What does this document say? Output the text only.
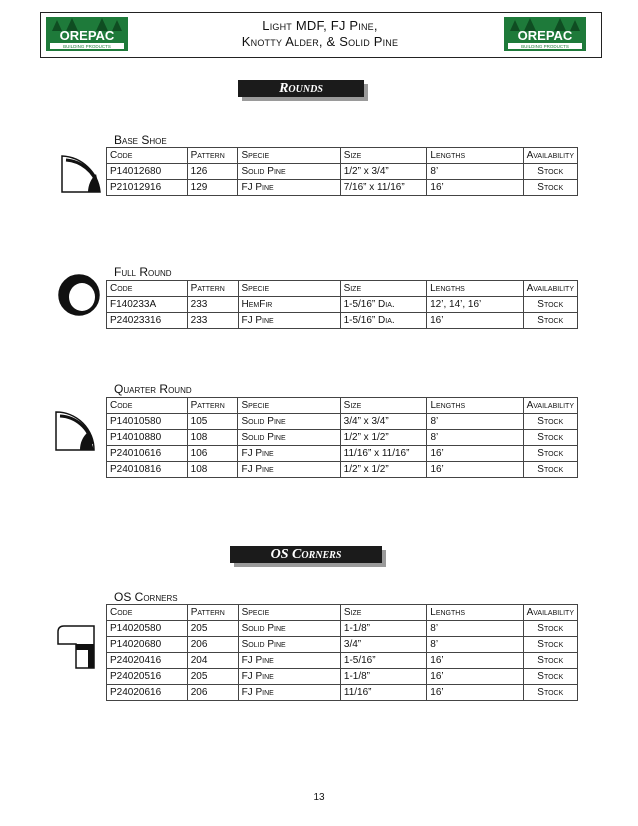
OREPAC
BUILDING PRODUCTS
Light MDF, FJ Pine,
Knotty Alder, & Solid Pine	OREPAC
BUILDING PRODUCTS
Rounds
Base Shoe
Code	Pattern	Specie	Size	Lengths	Availability
P14012680	126	Solid Pine	1/2” x 3/4”	8’	Stock
P21012916	129	FJ Pine	7/16” x 11/16”	16’	Stock
Full Round
Code	Pattern	Specie	Size	Lengths	Availability
F140233A	233	HemFir	1-5/16” Dia.	12’, 14’, 16’	Stock
P24023316	233	FJ Pine	1-5/16” Dia.	16’	Stock
Quarter Round
Code	Pattern	Specie	Size	Lengths	Availability
P14010580	105	Solid Pine	3/4” x 3/4”	8’	Stock
P14010880	108	Solid Pine	1/2” x 1/2”	8’	Stock
P24010616	106	FJ Pine	11/16” x 11/16”	16’	Stock
P24010816	108	FJ Pine	1/2” x 1/2”	16’	Stock
OS Corners
OS Corners
Code	Pattern	Specie	Size	Lengths	Availability
P14020580	205	Solid Pine	1-1/8”	8’	Stock
P14020680	206	Solid Pine	3/4”	8’	Stock
P24020416	204	FJ Pine	1-5/16”	16’	Stock
P24020516	205	FJ Pine	1-1/8”	16’	Stock
P24020616	206	FJ Pine	11/16”	16’	Stock
13
